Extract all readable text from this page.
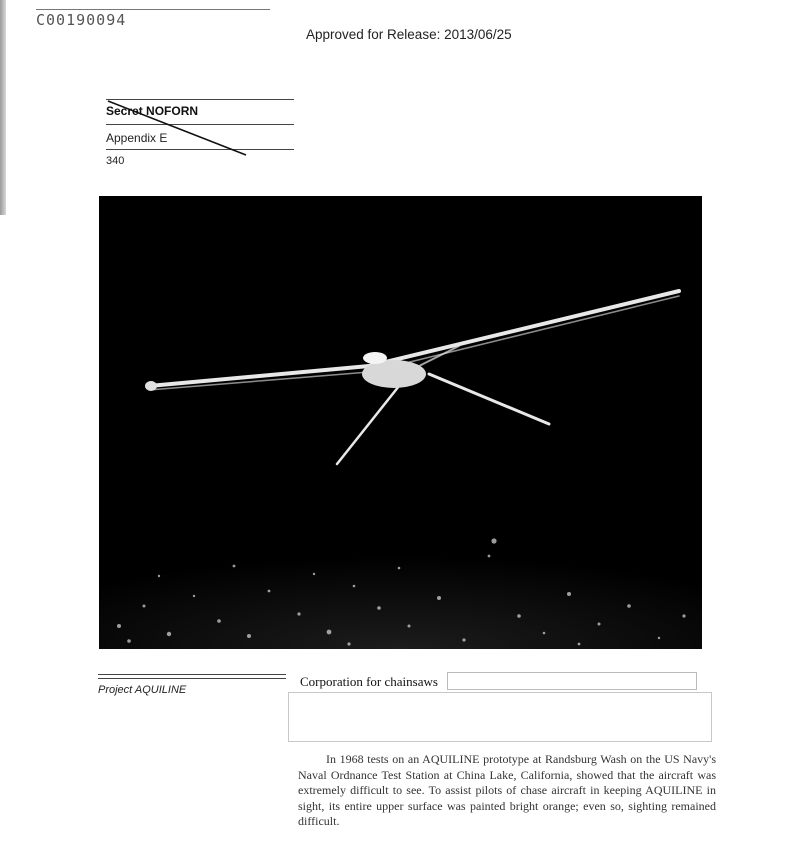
C00190094
Approved for Release: 2013/06/25
Secret NOFORN
Appendix E
340
Project AQUILINE
Corporation for chainsaws

In 1968 tests on an AQUILINE prototype at Randsburg Wash on the US Navy's Naval Ordnance Test Station at China Lake, California, showed that the aircraft was extremely difficult to see. To assist pilots of chase aircraft in keeping AQUILINE in sight, its entire upper surface was painted bright orange; even so, sighting remained difficult.
